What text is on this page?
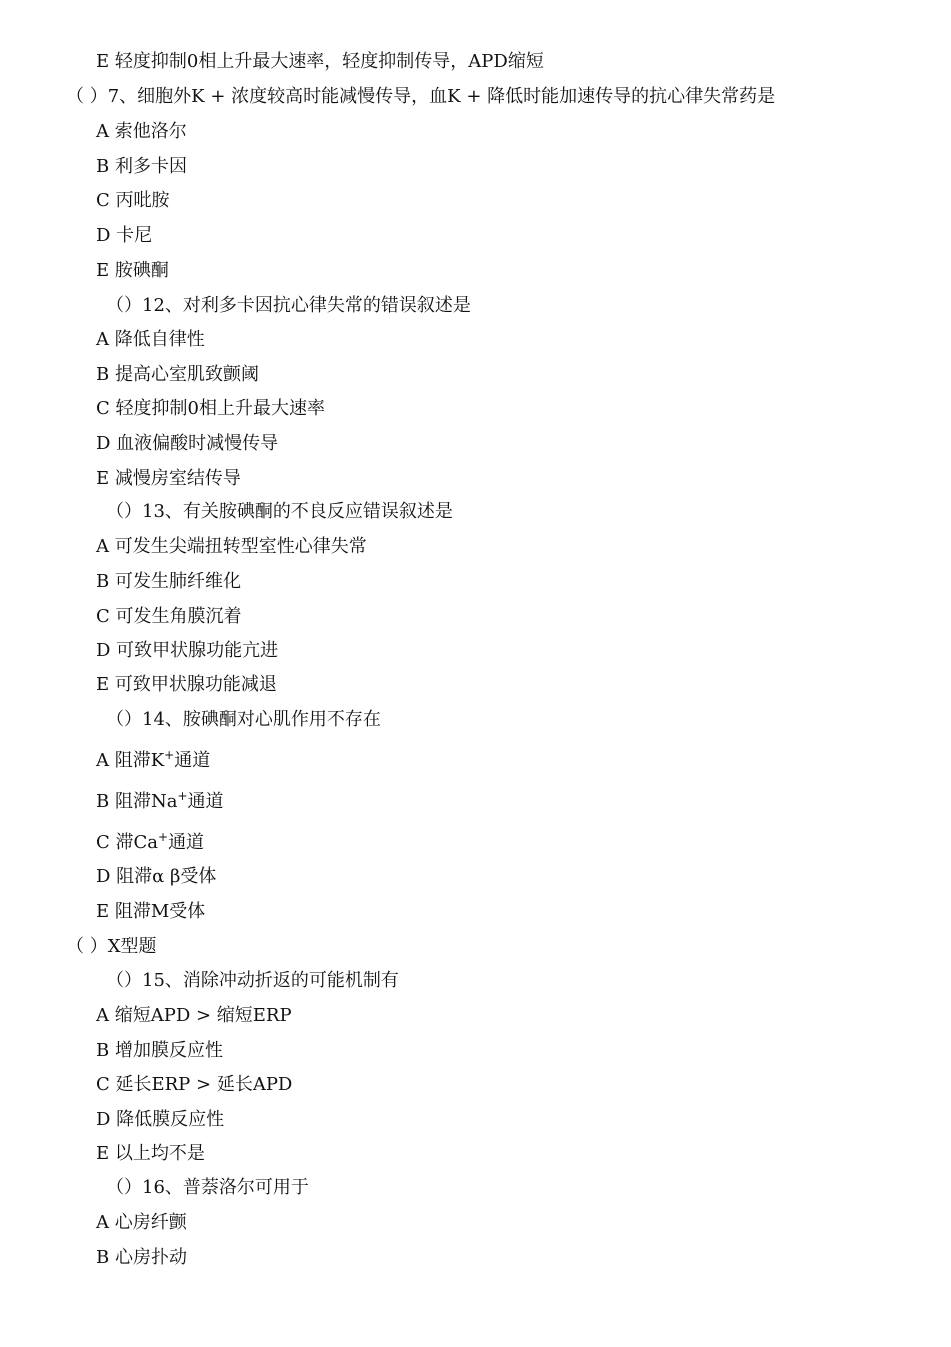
E 轻度抑制0相上升最大速率，轻度抑制传导，APD缩短
（ ）7、细胞外K + 浓度较高时能减慢传导，血K + 降低时能加速传导的抗心律失常药是
A 索他洛尔
B 利多卡因
C 丙吡胺
D 卡尼
E 胺碘酮
（）12、对利多卡因抗心律失常的错误叙述是
A 降低自律性
B 提高心室肌致颤阈
C 轻度抑制0相上升最大速率
D 血液偏酸时减慢传导
E 减慢房室结传导
（）13、有关胺碘酮的不良反应错误叙述是
A 可发生尖端扭转型室性心律失常
B 可发生肺纤维化
C 可发生角膜沉着
D 可致甲状腺功能亢进
E 可致甲状腺功能减退
（）14、胺碘酮对心肌作用不存在
A 阻滞K+通道
B 阻滞Na+通道
C 滞Ca+通道
D 阻滞α β受体
E 阻滞M受体
（ ）X型题
（）15、消除冲动折返的可能机制有
A 缩短APD > 缩短ERP
B 增加膜反应性
C 延长ERP > 延长APD
D 降低膜反应性
E 以上均不是
（）16、普萘洛尔可用于
A 心房纤颤
B 心房扑动
